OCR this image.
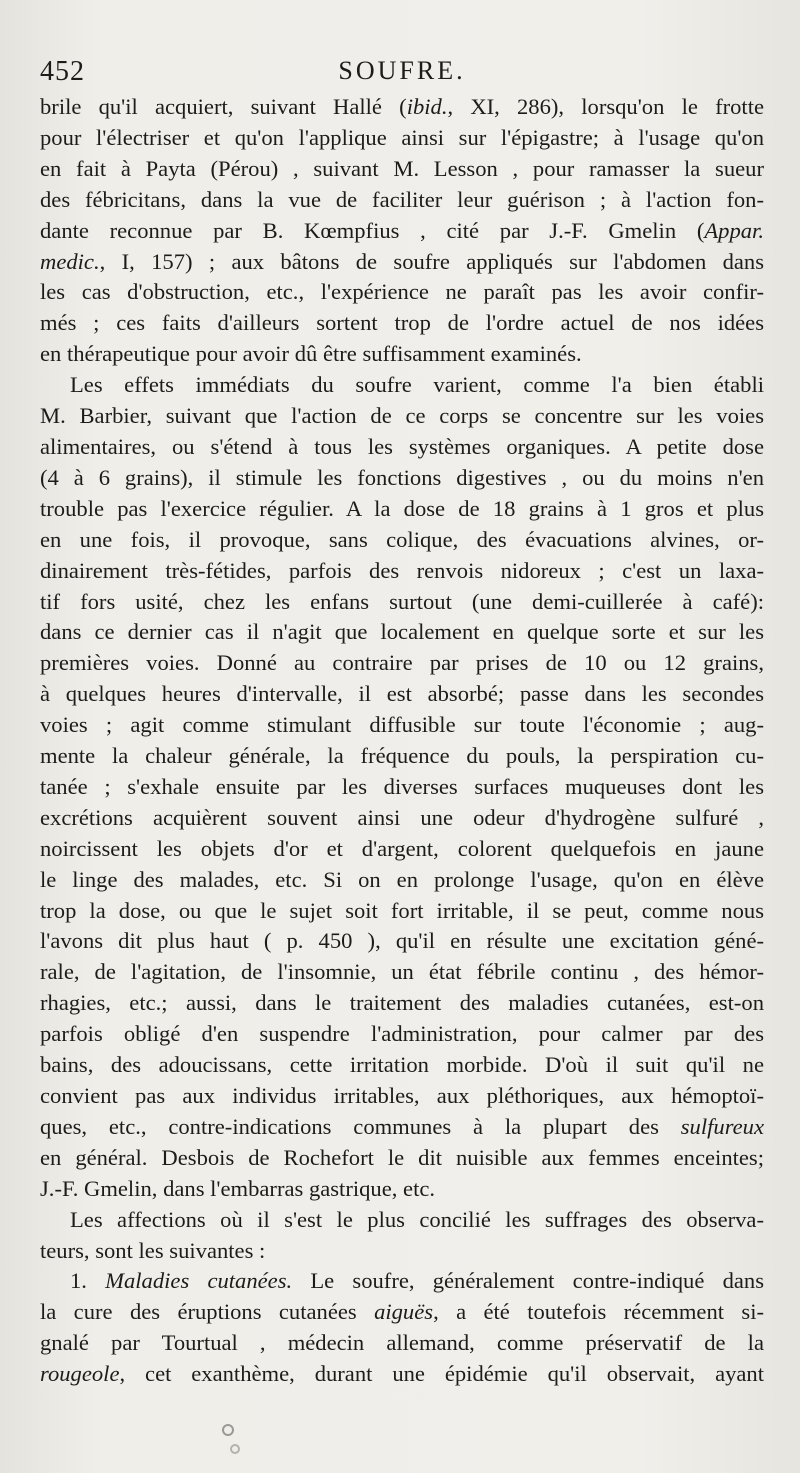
452	SOUFRE.
brile qu'il acquiert, suivant Hallé (ibid., XI, 286), lorsqu'on le frotte
pour l'électriser et qu'on l'applique ainsi sur l'épigastre; à l'usage qu'on
en fait à Payta (Pérou) , suivant M. Lesson , pour ramasser la sueur
des fébricitans, dans la vue de faciliter leur guérison ; à l'action fon-
dante reconnue par B. Kœmpfius , cité par J.-F. Gmelin (Appar.
medic., I, 157) ; aux bâtons de soufre appliqués sur l'abdomen dans
les cas d'obstruction, etc., l'expérience ne paraît pas les avoir confir-
més ; ces faits d'ailleurs sortent trop de l'ordre actuel de nos idées
en thérapeutique pour avoir dû être suffisamment examinés.
Les effets immédiats du soufre varient, comme l'a bien établi
M. Barbier, suivant que l'action de ce corps se concentre sur les voies
alimentaires, ou s'étend à tous les systèmes organiques. A petite dose
(4 à 6 grains), il stimule les fonctions digestives , ou du moins n'en
trouble pas l'exercice régulier. A la dose de 18 grains à 1 gros et plus
en une fois, il provoque, sans colique, des évacuations alvines, or-
dinairement très-fétides, parfois des renvois nidoreux ; c'est un laxa-
tif fors usité, chez les enfans surtout (une demi-cuillerée à café):
dans ce dernier cas il n'agit que localement en quelque sorte et sur les
premières voies. Donné au contraire par prises de 10 ou 12 grains,
à quelques heures d'intervalle, il est absorbé; passe dans les secondes
voies ; agit comme stimulant diffusible sur toute l'économie ; aug-
mente la chaleur générale, la fréquence du pouls, la perspiration cu-
tanée ; s'exhale ensuite par les diverses surfaces muqueuses dont les
excrétions acquièrent souvent ainsi une odeur d'hydrogène sulfuré ,
noircissent les objets d'or et d'argent, colorent quelquefois en jaune
le linge des malades, etc. Si on en prolonge l'usage, qu'on en élève
trop la dose, ou que le sujet soit fort irritable, il se peut, comme nous
l'avons dit plus haut ( p. 450 ), qu'il en résulte une excitation géné-
rale, de l'agitation, de l'insomnie, un état fébrile continu , des hémor-
rhagies, etc.; aussi, dans le traitement des maladies cutanées, est-on
parfois obligé d'en suspendre l'administration, pour calmer par des
bains, des adoucissans, cette irritation morbide. D'où il suit qu'il ne
convient pas aux individus irritables, aux pléthoriques, aux hémoptoï-
ques, etc., contre-indications communes à la plupart des sulfureux
en général. Desbois de Rochefort le dit nuisible aux femmes enceintes;
J.-F. Gmelin, dans l'embarras gastrique, etc.
Les affections où il s'est le plus concilié les suffrages des observa-
teurs, sont les suivantes :
1. Maladies cutanées. Le soufre, généralement contre-indiqué dans
la cure des éruptions cutanées aiguës, a été toutefois récemment si-
gnalé par Tourtual , médecin allemand, comme préservatif de la
rougeole, cet exanthème, durant une épidémie qu'il observait, ayant
